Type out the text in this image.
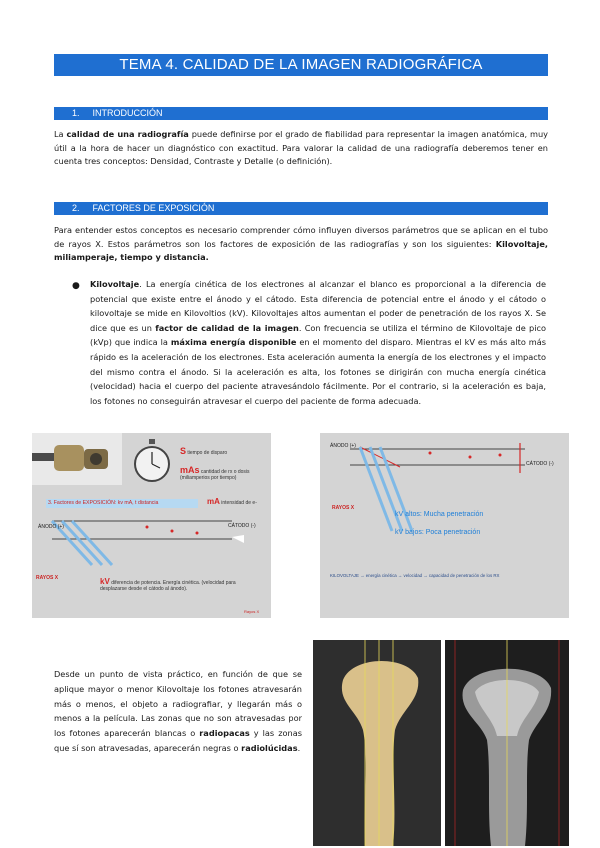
TEMA 4. CALIDAD DE LA IMAGEN RADIOGRÁFICA
1. INTRODUCCIÓN
La calidad de una radiografía puede definirse por el grado de fiabilidad para representar la imagen anatómica, muy útil a la hora de hacer un diagnóstico con exactitud. Para valorar la calidad de una radiografía deberemos tener en cuenta tres conceptos: Densidad, Contraste y Detalle (o definición).
2. FACTORES DE EXPOSICIÓN
Para entender estos conceptos es necesario comprender cómo influyen diversos parámetros que se aplican en el tubo de rayos X. Estos parámetros son los factores de exposición de las radiografías y son los siguientes: Kilovoltaje, miliamperaje, tiempo y distancia.
● Kilovoltaje. La energía cinética de los electrones al alcanzar el blanco es proporcional a la diferencia de potencial que existe entre el ánodo y el cátodo. Esta diferencia de potencial entre el ánodo y el cátodo o kilovoltaje se mide en Kilovoltios (kV). Kilovoltajes altos aumentan el poder de penetración de los rayos X. Se dice que es un factor de calidad de la imagen. Con frecuencia se utiliza el término de Kilovoltaje de pico (kVp) que indica la máxima energía disponible en el momento del disparo. Mientras el kV es más alto más rápido es la aceleración de los electrones. Esta aceleración aumenta la energía de los electrones y el impacto del mismo contra el ánodo. Si la aceleración es alta, los fotones se dirigirán con mucha energía cinética (velocidad) hacia el cuerpo del paciente atravesándolo fácilmente. Por el contrario, si la aceleración es baja, los fotones no conseguirán atravesar el cuerpo del paciente de forma adecuada.
S tiempo de disparo
mAs cantidad de rx o dosis (miliamperios por tiempo)
3. Factores de EXPOSICIÓN: kv mA, t distancia	mA intensidad de e-
ÁNODO (+)	CÁTODO (-)
RAYOS X	kV diferencia de potencia. Energía cinética. (velocidad para desplazarse desde el cátodo al ánodo).
Rayos X
ÁNODO (+)
CÁTODO (-)
RAYOS X
kV altos: Mucha penetración
kV bajos: Poca penetración
KILOVOLTAJE → energía cinética → velocidad → capacidad de penetración de los RX
Desde un punto de vista práctico, en función de que se aplique mayor o menor Kilovoltaje los fotones atravesarán más o menos, el objeto a radiografiar, y llegarán más o menos a la película. Las zonas que no son atravesadas por los fotones aparecerán blancas o radiopacas y las zonas que sí son atravesadas, aparecerán negras o radiolúcidas.
